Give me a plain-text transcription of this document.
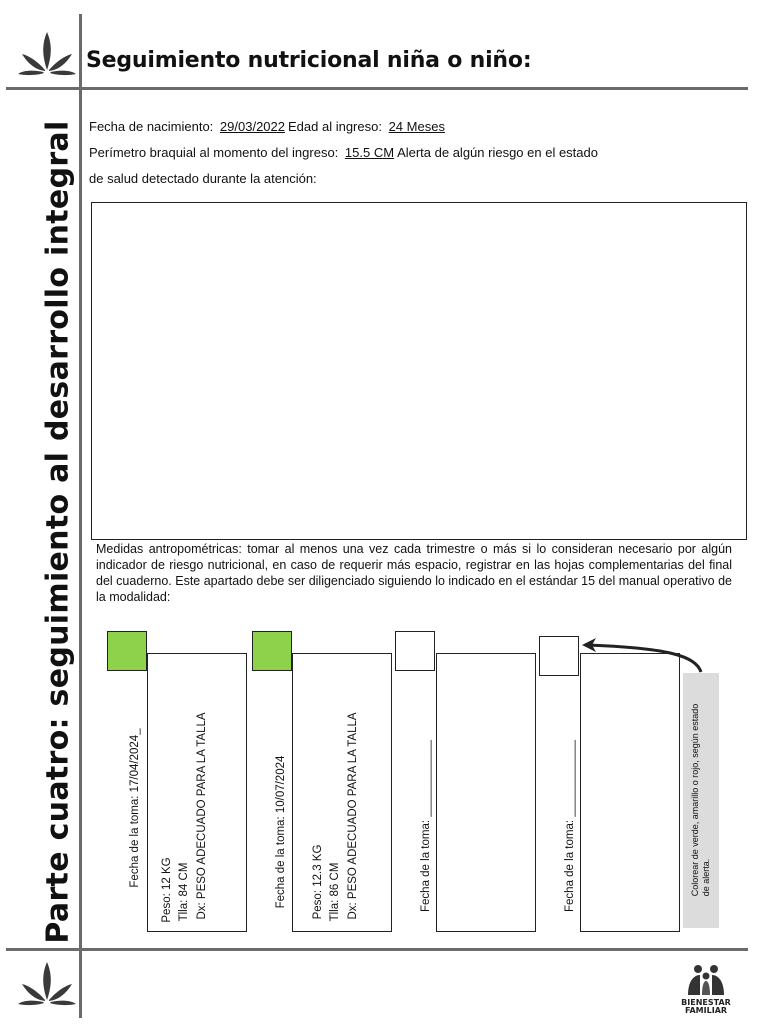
Parte cuatro: seguimiento al desarrollo integral
Seguimiento nutricional niña o niño:
Fecha de nacimiento: 29/03/2022 Edad al ingreso: 24 Meses
Perímetro braquial al momento del ingreso: 15.5 CM Alerta de algún riesgo en el estado
de salud detectado durante la atención:
Medidas antropométricas: tomar al menos una vez cada trimestre o más si lo consideran necesario por algún indicador de riesgo nutricional, en caso de requerir más espacio, registrar en las hojas complementarias del final del cuaderno. Este apartado debe ser diligenciado siguiendo lo indicado en el estándar 15 del manual operativo de la modalidad:
Fecha de la toma: 17/04/2024_
Peso: 12 KG Tlla: 84 CM Dx: PESO ADECUADO PARA LA TALLA	Fecha de la toma: 10/07/2024 Peso: 12.3 KG Tlla: 86 CM Dx: PESO ADECUADO PARA LA TALLA	Fecha de la toma: ____________	Fecha de la toma: ____________	Colorear de verde, amarillo o rojo, según estado de alerta.
BIENESTAR
FAMILIAR
